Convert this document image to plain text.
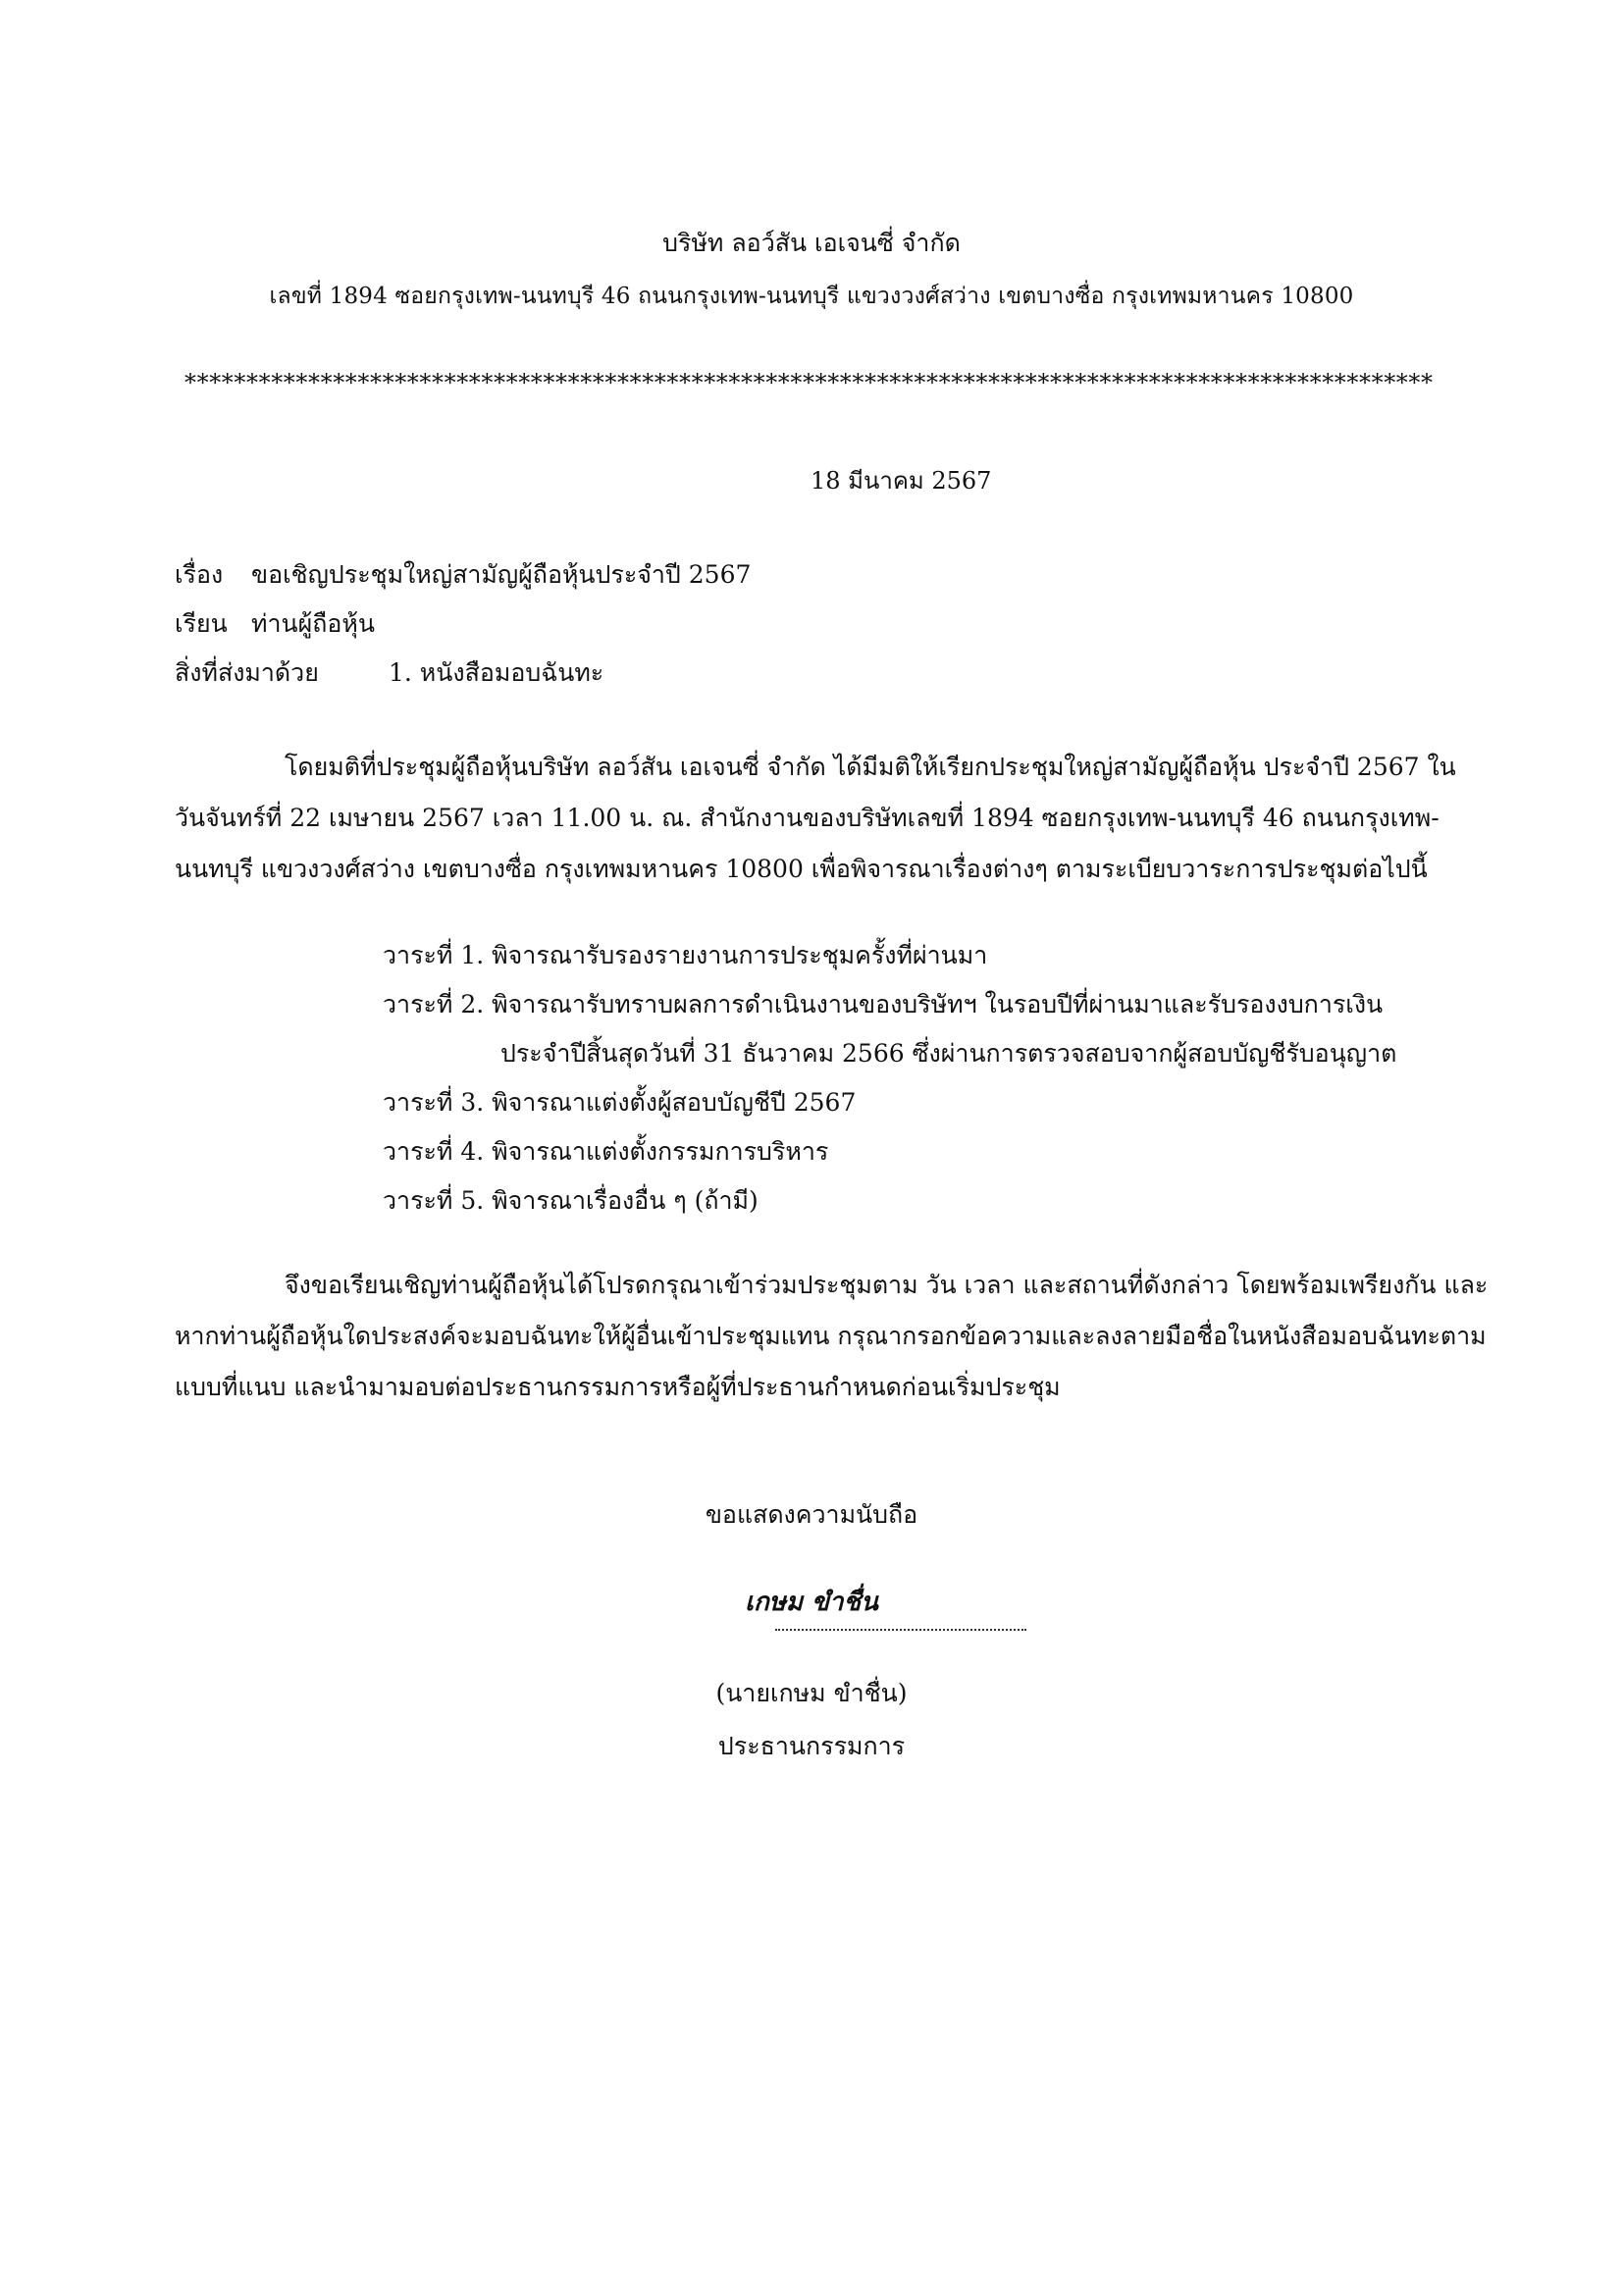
บริษัท ลอว์สัน เอเจนซี่ จำกัด
เลขที่ 1894 ซอยกรุงเทพ-นนทบุรี 46 ถนนกรุงเทพ-นนทบุรี แขวงวงศ์สว่าง เขตบางซื่อ กรุงเทพมหานคร 10800
*****************************************************************************************************
18 มีนาคม 2567
เรื่อง ขอเชิญประชุมใหญ่สามัญผู้ถือหุ้นประจำปี 2567
เรียน ท่านผู้ถือหุ้น
สิ่งที่ส่งมาด้วย	1. หนังสือมอบฉันทะ
โดยมติที่ประชุมผู้ถือหุ้นบริษัท ลอว์สัน เอเจนซี่ จำกัด ได้มีมติให้เรียกประชุมใหญ่สามัญผู้ถือหุ้น ประจำปี 2567 ใน
วันจันทร์ที่ 22 เมษายน 2567 เวลา 11.00 น. ณ. สำนักงานของบริษัทเลขที่ 1894 ซอยกรุงเทพ-นนทบุรี 46 ถนนกรุงเทพ-
นนทบุรี แขวงวงศ์สว่าง เขตบางซื่อ กรุงเทพมหานคร 10800 เพื่อพิจารณาเรื่องต่างๆ ตามระเบียบวาระการประชุมต่อไปนี้
วาระที่ 1. พิจารณารับรองรายงานการประชุมครั้งที่ผ่านมา
วาระที่ 2. พิจารณารับทราบผลการดำเนินงานของบริษัทฯ ในรอบปีที่ผ่านมาและรับรองงบการเงิน
ประจำปีสิ้นสุดวันที่ 31 ธันวาคม 2566 ซึ่งผ่านการตรวจสอบจากผู้สอบบัญชีรับอนุญาต
วาระที่ 3. พิจารณาแต่งตั้งผู้สอบบัญชีปี 2567
วาระที่ 4. พิจารณาแต่งตั้งกรรมการบริหาร
วาระที่ 5. พิจารณาเรื่องอื่น ๆ (ถ้ามี)
จึงขอเรียนเชิญท่านผู้ถือหุ้นได้โปรดกรุณาเข้าร่วมประชุมตาม วัน เวลา และสถานที่ดังกล่าว โดยพร้อมเพรียงกัน และ
หากท่านผู้ถือหุ้นใดประสงค์จะมอบฉันทะให้ผู้อื่นเข้าประชุมแทน กรุณากรอกข้อความและลงลายมือชื่อในหนังสือมอบฉันทะตาม
แบบที่แนบ และนำมามอบต่อประธานกรรมการหรือผู้ที่ประธานกำหนดก่อนเริ่มประชุม
ขอแสดงความนับถือ
เกษม ขำชื่น
(นายเกษม ขำชื่น)
ประธานกรรมการ
